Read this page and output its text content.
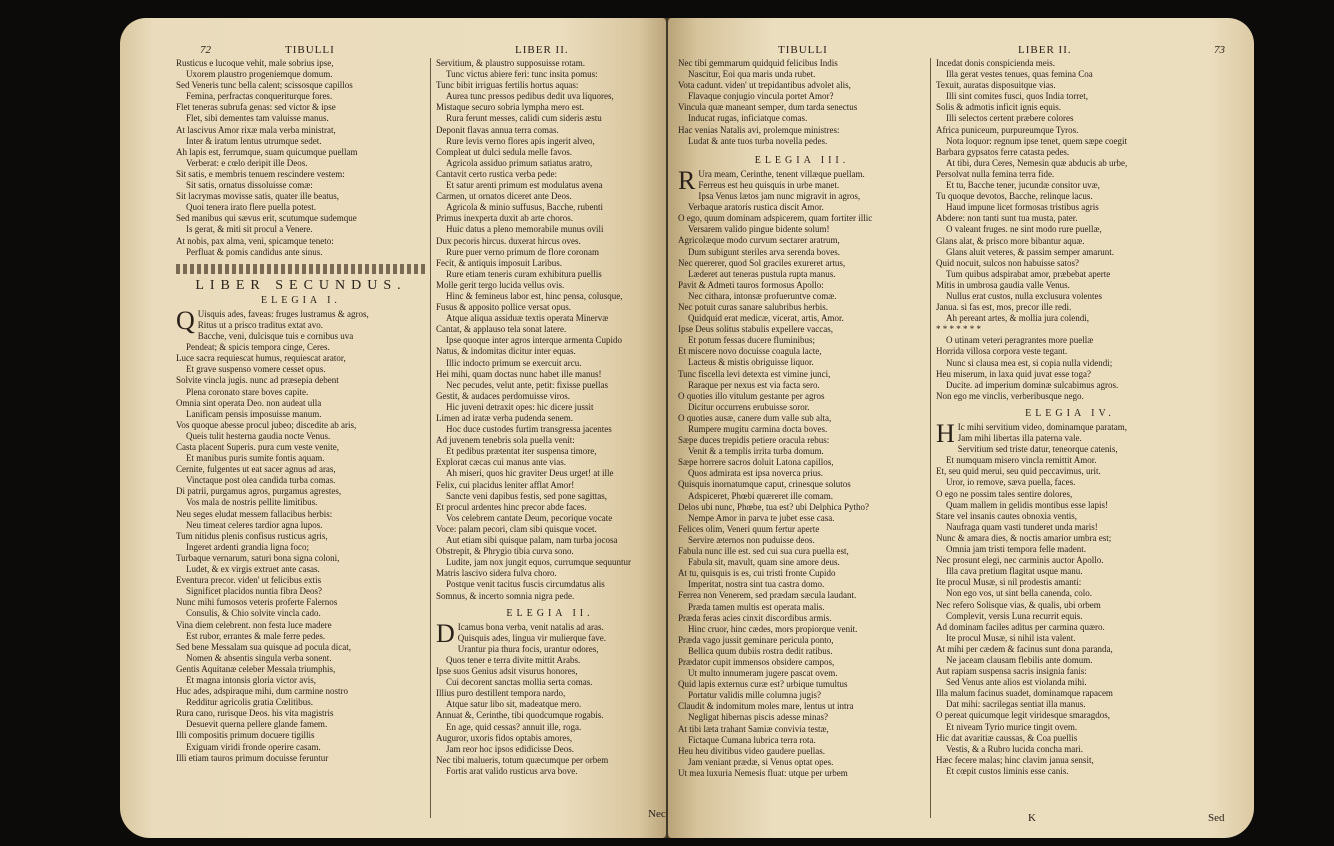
72	TIBULLI	LIBER II.

Rusticus e lucoque vehit, male sobrius ipse,

Uxorem plaustro progeniemque domum.

Sed Veneris tunc bella calent; scissosque capillos

Femina, perfractas conqueriturque fores.

Flet teneras subrufa genas: sed victor & ipse

Flet, sibi dementes tam valuisse manus.

At lascivus Amor rixæ mala verba ministrat,

Inter & iratum lentus utrumque sedet.

Ah lapis est, ferrumque, suam quicumque puellam

Verberat: e cœlo deripit ille Deos.

Sit satis, e membris tenuem rescindere vestem:

Sit satis, ornatus dissoluisse comæ:

Sit lacrymas movisse satis, quater ille beatus,

Quoi tenera irato flere puella potest.

Sed manibus qui sævus erit, scutumque sudemque

Is gerat, & miti sit procul a Venere.

At nobis, pax alma, veni, spicamque teneto:

Perfluat & pomis candidus ante sinus.

LIBER SECUNDUS.
ELEGIA I.
Q Uisquis ades, faveas: fruges lustramus & agros,

Ritus ut a prisco traditus extat avo.

Bacche, veni, dulcisque tuis e cornibus uva

Pendeat; & spicis tempora cinge, Ceres.

Luce sacra requiescat humus, requiescat arator,

Et grave suspenso vomere cesset opus.

Solvite vincla jugis. nunc ad præsepia debent

Plena coronato stare boves capite.

Omnia sint operata Deo. non audeat ulla

Lanificam pensis imposuisse manum.

Vos quoque abesse procul jubeo; discedite ab aris,

Queis tulit hesterna gaudia nocte Venus.

Casta placent Superis. pura cum veste venite,

Et manibus puris sumite fontis aquam.

Cernite, fulgentes ut eat sacer agnus ad aras,

Vinctaque post olea candida turba comas.

Di patrii, purgamus agros, purgamus agrestes,

Vos mala de nostris pellite limitibus.

Neu seges eludat messem fallacibus herbis:

Neu timeat celeres tardior agna lupos.

Tum nitidus plenis confisus rusticus agris,

Ingeret ardenti grandia ligna foco;

Turbaque vernarum, saturi bona signa coloni,

Ludet, & ex virgis extruet ante casas.

Eventura precor. viden' ut felicibus extis

Significet placidos nuntia fibra Deos?

Nunc mihi fumosos veteris proferte Falernos

Consulis, & Chio solvite vincla cado.

Vina diem celebrent. non festa luce madere

Est rubor, errantes & male ferre pedes.

Sed bene Messalam sua quisque ad pocula dicat,

Nomen & absentis singula verba sonent.

Gentis Aquitanæ celeber Messala triumphis,

Et magna intonsis gloria victor avis,

Huc ades, adspiraque mihi, dum carmine nostro

Redditur agricolis gratia Cœlitibus.

Rura cano, rurisque Deos. his vita magistris

Desuevit querna pellere glande famem.

Illi compositis primum docuere tigillis

Exiguam viridi fronde operire casam.

Illi etiam tauros primum docuisse feruntur

Servitium, & plaustro supposuisse rotam.

Tunc victus abiere feri: tunc insita pomus:

Tunc bibit irriguas fertilis hortus aquas:

Aurea tunc pressos pedibus dedit uva liquores,

Mistaque securo sobria lympha mero est.

Rura ferunt messes, calidi cum sideris æstu

Deponit flavas annua terra comas.

Rure levis verno flores apis ingerit alveo,

Compleat ut dulci sedula melle favos.

Agricola assiduo primum satiatus aratro,

Cantavit certo rustica verba pede:

Et satur arenti primum est modulatus avena

Carmen, ut ornatos diceret ante Deos.

Agricola & minio suffusus, Bacche, rubenti

Primus inexperta duxit ab arte choros.

Huic datus a pleno memorabile munus ovili

Dux pecoris hircus. duxerat hircus oves.

Rure puer verno primum de flore coronam

Fecit, & antiquis imposuit Laribus.

Rure etiam teneris curam exhibitura puellis

Molle gerit tergo lucida vellus ovis.

Hinc & femineus labor est, hinc pensa, colusque,

Fusus & apposito pollice versat opus.

Atque aliqua assiduæ textis operata Minervæ

Cantat, & applauso tela sonat latere.

Ipse quoque inter agros interque armenta Cupido

Natus, & indomitas dicitur inter equas.

Illic indocto primum se exercuit arcu.

Hei mihi, quam doctas nunc habet ille manus!

Nec pecudes, velut ante, petit: fixisse puellas

Gestit, & audaces perdomuisse viros.

Hic juveni detraxit opes: hic dicere jussit

Limen ad iratæ verba pudenda senem.

Hoc duce custodes furtim transgressa jacentes

Ad juvenem tenebris sola puella venit:

Et pedibus prætentat iter suspensa timore,

Explorat cæcas cui manus ante vias.

Ah miseri, quos hic graviter Deus urget! at ille

Felix, cui placidus leniter afflat Amor!

Sancte veni dapibus festis, sed pone sagittas,

Et procul ardentes hinc precor abde faces.

Vos celebrem cantate Deum, pecorique vocate

Voce: palam pecori, clam sibi quisque vocet.

Aut etiam sibi quisque palam, nam turba jocosa

Obstrepit, & Phrygio tibia curva sono.

Ludite, jam nox jungit equos, currumque sequuntur

Matris lascivo sidera fulva choro.

Postque venit tacitus fuscis circumdatus alis

Somnus, & incerto somnia nigra pede.

ELEGIA II.
D Icamus bona verba, venit natalis ad aras.

Quisquis ades, lingua vir mulierque fave.

Urantur pia thura focis, urantur odores,

Quos tener e terra divite mittit Arabs.

Ipse suos Genius adsit visurus honores,

Cui decorent sanctas mollia serta comas.

Illius puro destillent tempora nardo,

Atque satur libo sit, madeatque mero.

Annuat &, Cerinthe, tibi quodcumque rogabis.

En age, quid cessas? annuit ille, roga.

Auguror, uxoris fidos optabis amores,

Jam reor hoc ipsos edidicisse Deos.

Nec tibi malueris, totum quæcumque per orbem

Fortis arat valido rusticus arva bove.

Nec
TIBULLI	LIBER II.	73

Nec tibi gemmarum quidquid felicibus Indis

Nascitur, Eoi qua maris unda rubet.

Vota cadunt. viden' ut trepidantibus advolet alis,

Flavaque conjugio vincula portet Amor?

Vincula quæ maneant semper, dum tarda senectus

Inducat rugas, inficiatque comas.

Hac venias Natalis avi, prolemque ministres:

Ludat & ante tuos turba novella pedes.

ELEGIA III.
R Ura meam, Cerinthe, tenent villæque puellam.

Ferreus est heu quisquis in urbe manet.

Ipsa Venus lætos jam nunc migravit in agros,

Verbaque aratoris rustica discit Amor.

O ego, quum dominam adspicerem, quam fortiter illic

Versarem valido pingue bidente solum!

Agricolæque modo curvum sectarer aratrum,

Dum subigunt steriles arva serenda boves.

Nec quererer, quod Sol graciles exureret artus,

Læderet aut teneras pustula rupta manus.

Pavit & Admeti tauros formosus Apollo:

Nec cithara, intonsæ profueruntve comæ.

Nec potuit curas sanare salubribus herbis.

Quidquid erat medicæ, vicerat, artis, Amor.

Ipse Deus solitus stabulis expellere vaccas,

Et potum fessas ducere fluminibus;

Et miscere novo docuisse coagula lacte,

Lacteus & mistis obriguisse liquor.

Tunc fiscella levi detexta est vimine junci,

Raraque per nexus est via facta sero.

O quoties illo vitulum gestante per agros

Dicitur occurrens erubuisse soror.

O quoties ausæ, canere dum valle sub alta,

Rumpere mugitu carmina docta boves.

Sæpe duces trepidis petiere oracula rebus:

Venit & a templis irrita turba domum.

Sæpe horrere sacros doluit Latona capillos,

Quos admirata est ipsa noverca prius.

Quisquis inornatumque caput, crinesque solutos

Adspiceret, Phœbi quæreret ille comam.

Delos ubi nunc, Phœbe, tua est? ubi Delphica Pytho?

Nempe Amor in parva te jubet esse casa.

Felices olim, Veneri quum fertur aperte

Servire æternos non puduisse deos.

Fabula nunc ille est. sed cui sua cura puella est,

Fabula sit, mavult, quam sine amore deus.

At tu, quisquis is es, cui tristi fronte Cupido

Imperitat, nostra sint tua castra domo.

Ferrea non Venerem, sed prædam sæcula laudant.

Præda tamen multis est operata malis.

Præda feras acies cinxit discordibus armis.

Hinc cruor, hinc cædes, mors propiorque venit.

Præda vago jussit geminare pericula ponto,

Bellica quum dubiis rostra dedit ratibus.

Prædator cupit immensos obsidere campos,

Ut multo innumeram jugere pascat ovem.

Quid lapis externus curæ est? urbique tumultus

Portatur validis mille columna jugis?

Claudit & indomitum moles mare, lentus ut intra

Negligat hibernas piscis adesse minas?

At tibi læta trahant Samiæ convivia testæ,

Fictaque Cumana lubrica terra rota.

Heu heu divitibus video gaudere puellas.

Jam veniant prædæ, si Venus optat opes.

Ut mea luxuria Nemesis fluat: utque per urbem

Incedat donis conspicienda meis.

Illa gerat vestes tenues, quas femina Coa

Texuit, auratas disposuitque vias.

Illi sint comites fusci, quos India torret,

Solis & admotis inficit ignis equis.

Illi selectos certent præbere colores

Africa puniceum, purpureumque Tyros.

Nota loquor: regnum ipse tenet, quem sæpe coegit

Barbara gypsatos ferre catasta pedes.

At tibi, dura Ceres, Nemesin quæ abducis ab urbe,

Persolvat nulla femina terra fide.

Et tu, Bacche tener, jucundæ consitor uvæ,

Tu quoque devotos, Bacche, relinque lacus.

Haud impune licet formosas tristibus agris

Abdere: non tanti sunt tua musta, pater.

O valeant fruges. ne sint modo rure puellæ,

Glans alat, & prisco more bibantur aquæ.

Glans aluit veteres, & passim semper amarunt.

Quid nocuit, sulcos non habuisse satos?

Tum quibus adspirabat amor, præbebat aperte

Mitis in umbrosa gaudia valle Venus.

Nullus erat custos, nulla exclusura volentes

Janua. si fas est, mos, precor ille redi.

Ah pereant artes, & mollia jura colendi,

* * * * * * *

O utinam veteri peragrantes more puellæ

Horrida villosa corpora veste tegant.

Nunc si clausa mea est, si copia nulla videndi;

Heu miserum, in laxa quid juvat esse toga?

Ducite. ad imperium dominæ sulcabimus agros.

Non ego me vinclis, verberibusque nego.

ELEGIA IV.
H Ic mihi servitium video, dominamque paratam,

Jam mihi libertas illa paterna vale.

Servitium sed triste datur, teneorque catenis,

Et numquam misero vincla remittit Amor.

Et, seu quid merui, seu quid peccavimus, urit.

Uror, io remove, sæva puella, faces.

O ego ne possim tales sentire dolores,

Quam mallem in gelidis montibus esse lapis!

Stare vel insanis cautes obnoxia ventis,

Naufraga quam vasti tunderet unda maris!

Nunc & amara dies, & noctis amarior umbra est;

Omnia jam tristi tempora felle madent.

Nec prosunt elegi, nec carminis auctor Apollo.

Illa cava pretium flagitat usque manu.

Ite procul Musæ, si nil prodestis amanti:

Non ego vos, ut sint bella canenda, colo.

Nec refero Solisque vias, & qualis, ubi orbem

Complevit, versis Luna recurrit equis.

Ad dominam faciles aditus per carmina quæro.

Ite procul Musæ, si nihil ista valent.

At mihi per cædem & facinus sunt dona paranda,

Ne jaceam clausam flebilis ante domum.

Aut rapiam suspensa sacris insignia fanis:

Sed Venus ante alios est violanda mihi.

Illa malum facinus suadet, dominamque rapacem

Dat mihi: sacrilegas sentiat illa manus.

O pereat quicumque legit viridesque smaragdos,

Et niveam Tyrio murice tingit ovem.

Hic dat avaritiæ caussas, & Coa puellis

Vestis, & a Rubro lucida concha mari.

Hæc fecere malas; hinc clavim janua sensit,

Et cœpit custos liminis esse canis.

K	Sed
